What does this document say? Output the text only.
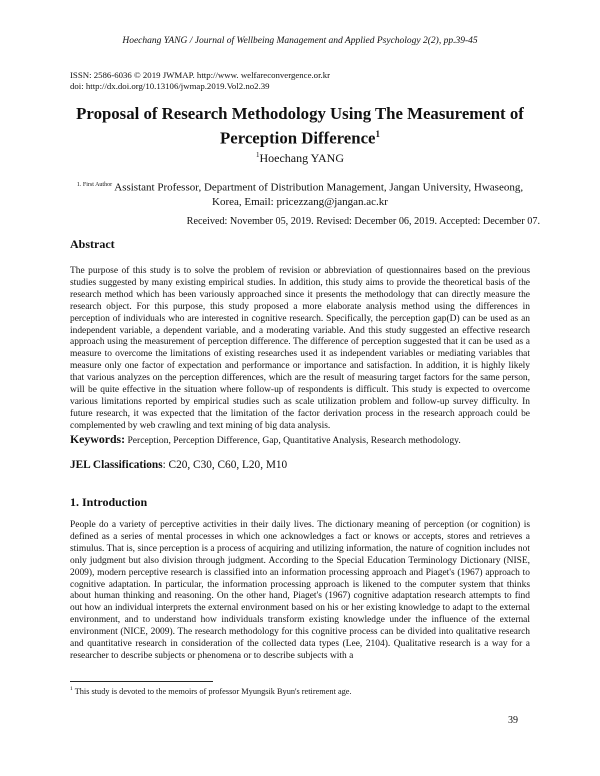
Hoechang YANG / Journal of Wellbeing Management and Applied Psychology 2(2), pp.39-45
ISSN: 2586-6036 © 2019 JWMAP. http://www. welfareconvergence.or.kr
doi: http://dx.doi.org/10.13106/jwmap.2019.Vol2.no2.39
Proposal of Research Methodology Using The Measurement of Perception Difference$^1$
$^1$Hoechang YANG
$^{1. First Author}$ Assistant Professor, Department of Distribution Management, Jangan University, Hwaseong, Korea, Email: pricezzang@jangan.ac.kr
Received: November 05, 2019. Revised: December 06, 2019. Accepted: December 07.
Abstract

The purpose of this study is to solve the problem of revision or abbreviation of questionnaires based on the previous studies suggested by many existing empirical studies. In addition, this study aims to provide the theoretical basis of the research method which has been variously approached since it presents the methodology that can directly measure the research object. For this purpose, this study proposed a more elaborate analysis method using the differences in perception of individuals who are interested in cognitive research. Specifically, the perception gap(D) can be used as an independent variable, a dependent variable, and a moderating variable. And this study suggested an effective research approach using the measurement of perception difference. The difference of perception suggested that it can be used as a measure to overcome the limitations of existing researches used it as independent variables or mediating variables that measure only one factor of expectation and performance or importance and satisfaction. In addition, it is highly likely that various analyzes on the perception differences, which are the result of measuring target factors for the same person, will be quite effective in the situation where follow-up of respondents is difficult. This study is expected to overcome various limitations reported by empirical studies such as scale utilization problem and follow-up survey difficulty. In future research, it was expected that the limitation of the factor derivation process in the research approach could be complemented by web crawling and text mining of big data analysis.

Keywords: Perception, Perception Difference, Gap, Quantitative Analysis, Research methodology.
JEL Classifications: C20, C30, C60, L20, M10
1. Introduction

People do a variety of perceptive activities in their daily lives. The dictionary meaning of perception (or cognition) is defined as a series of mental processes in which one acknowledges a fact or knows or accepts, stores and retrieves a stimulus. That is, since perception is a process of acquiring and utilizing information, the nature of cognition includes not only judgment but also division through judgment. According to the Special Education Terminology Dictionary (NISE, 2009), modern perceptive research is classified into an information processing approach and Piaget's (1967) approach to cognitive adaptation. In particular, the information processing approach is likened to the computer system that thinks about human thinking and reasoning. On the other hand, Piaget's (1967) cognitive adaptation research attempts to find out how an individual interprets the external environment based on his or her existing knowledge to adapt to the external environment, and to understand how individuals transform existing knowledge under the influence of the external environment (NICE, 2009). The research methodology for this cognitive process can be divided into qualitative research and quantitative research in consideration of the collected data types (Lee, 2104). Qualitative research is a way for a researcher to describe subjects or phenomena or to describe subjects with a

$^1$ This study is devoted to the memoirs of professor Myungsik Byun's retirement age.
39
